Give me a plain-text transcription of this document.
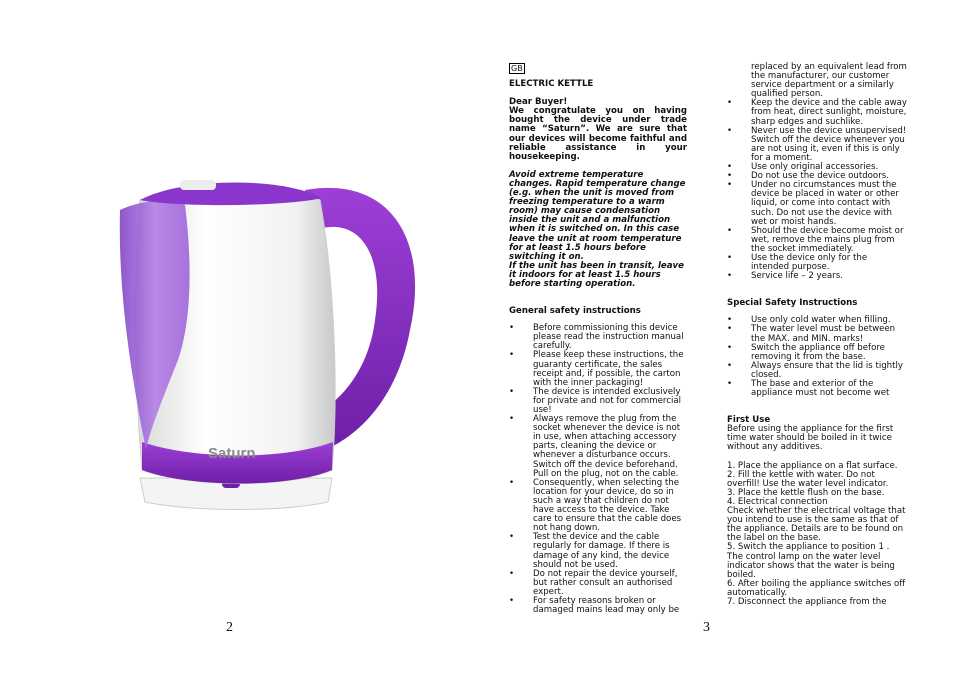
Saturn
GB
ELECTRIC KETTLE

Dear Buyer!

We congratulate you on having bought the device under trade name “Saturn”. We are sure that our devices will become faithful and reliable assistance in your housekeeping.

Avoid extreme temperature changes. Rapid temperature change (e.g. when the unit is moved from freezing temperature to a warm room) may cause condensation inside the unit and a malfunction when it is switched on. In this case leave the unit at room temperature for at least 1.5 hours before switching it on.

If the unit has been in transit, leave it indoors for at least 1.5 hours before starting operation.

General safety instructions
• Before commissioning this device please read the instruction manual carefully.
• Please keep these instructions, the guaranty certificate, the sales receipt and, if possible, the carton with the inner packaging!
• The device is intended exclusively for private and not for commercial use!
• Always remove the plug from the socket whenever the device is not in use, when attaching accessory parts, cleaning the device or whenever a disturbance occurs. Switch off the device beforehand. Pull on the plug, not on the cable.
• Consequently, when selecting the location for your device, do so in such a way that children do not have access to the device. Take care to ensure that the cable does not hang down.
• Test the device and the cable regularly for damage. If there is damage of any kind, the device should not be used.
• Do not repair the device yourself, but rather consult an authorised expert.
• For safety reasons broken or damaged mains lead may only be

replaced by an equivalent lead from the manufacturer, our customer service department or a similarly qualified person.

• Keep the device and the cable away from heat, direct sunlight, moisture, sharp edges and suchlike.
• Never use the device unsupervised! Switch off the device whenever you are not using it, even if this is only for a moment.
• Use only original accessories.
• Do not use the device outdoors.
• Under no circumstances must the device be placed in water or other liquid, or come into contact with such. Do not use the device with wet or moist hands.
• Should the device become moist or wet, remove the mains plug from the socket immediately.
• Use the device only for the intended purpose.
• Service life – 2 years.
Special Safety Instructions
• Use only cold water when filling.
• The water level must be between the MAX. and MIN. marks!
• Switch the appliance off before removing it from the base.
• Always ensure that the lid is tightly closed.
• The base and exterior of the appliance must not become wet
First Use

Before using the appliance for the first time water should be boiled in it twice without any additives.

1. Place the appliance on a flat surface.

2. Fill the kettle with water. Do not overfill! Use the water level indicator.

3. Place the kettle flush on the base.

4. Electrical connection

Check whether the electrical voltage that you intend to use is the same as that of the appliance. Details are to be found on the label on the base.

5. Switch the appliance to position 1 .

The control lamp on the water level indicator shows that the water is being boiled.

6. After boiling the appliance switches off automatically.

7. Disconnect the appliance from the

2	3
